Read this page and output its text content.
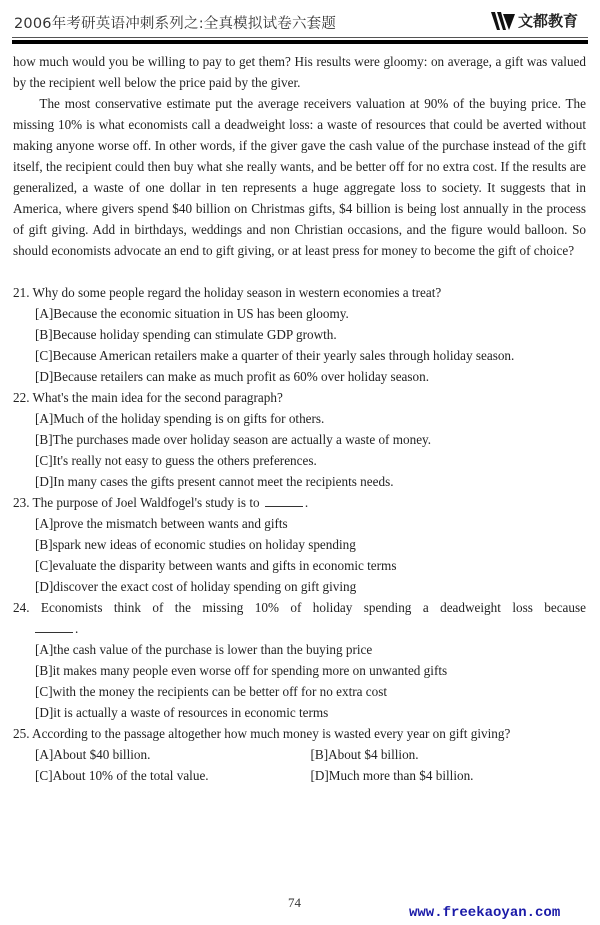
2006年考研英语冲刺系列之:全真模拟试卷六套题	文都教育

how much would you be willing to pay to get them? His results were gloomy: on average, a gift was valued by the recipient well below the price paid by the giver.

The most conservative estimate put the average receivers valuation at 90% of the buying price. The missing 10% is what economists call a deadweight loss: a waste of resources that could be averted without making anyone worse off. In other words, if the giver gave the cash value of the purchase instead of the gift itself, the recipient could then buy what she really wants, and be better off for no extra cost. If the results are generalized, a waste of one dollar in ten represents a huge aggregate loss to society. It suggests that in America, where givers spend $40 billion on Christmas gifts, $4 billion is being lost annually in the process of gift giving. Add in birthdays, weddings and non Christian occasions, and the figure would balloon. So should economists advocate an end to gift giving, or at least press for money to become the gift of choice?

21. Why do some people regard the holiday season in western economies a treat?
[A]Because the economic situation in US has been gloomy.
[B]Because holiday spending can stimulate GDP growth.
[C]Because American retailers make a quarter of their yearly sales through holiday season.
[D]Because retailers can make as much profit as 60% over holiday season.
22. What's the main idea for the second paragraph?
[A]Much of the holiday spending is on gifts for others.
[B]The purchases made over holiday season are actually a waste of money.
[C]It's really not easy to guess the others preferences.
[D]In many cases the gifts present cannot meet the recipients needs.
23. The purpose of Joel Waldfogel's study is to	.
[A]prove the mismatch between wants and gifts
[B]spark new ideas of economic studies on holiday spending
[C]evaluate the disparity between wants and gifts in economic terms
[D]discover the exact cost of holiday spending on gift giving

24. Economists think of the missing 10% of holiday spending a deadweight loss because

.
[A]the cash value of the purchase is lower than the buying price
[B]it makes many people even worse off for spending more on unwanted gifts
[C]with the money the recipients can be better off for no extra cost
[D]it is actually a waste of resources in economic terms
25. According to the passage altogether how much money is wasted every year on gift giving?
[A]About $40 billion.	[B]About $4 billion.
[C]About 10% of the total value.	[D]Much more than $4 billion.
74
www.freekaoyan.com
